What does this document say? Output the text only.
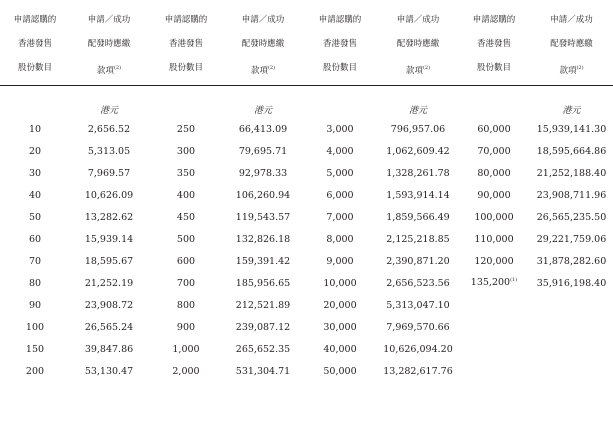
申請認購的
香港發售
股份數目	申請／成功
配發時應繳
款項$^{(2)}$	申請認購的
香港發售
股份數目	申請／成功
配發時應繳
款項$^{(2)}$	申請認購的
香港發售
股份數目	申請／成功
配發時應繳
款項$^{(2)}$	申請認購的
香港發售
股份數目	申請／成功
配發時應繳
款項$^{(2)}$

	港元		港元		港元		港元
10	2,656.52	250	66,413.09	3,000	796,957.06	60,000	15,939,141.30
20	5,313.05	300	79,695.71	4,000	1,062,609.42	70,000	18,595,664.86
30	7,969.57	350	92,978.33	5,000	1,328,261.78	80,000	21,252,188.40
40	10,626.09	400	106,260.94	6,000	1,593,914.14	90,000	23,908,711.96
50	13,282.62	450	119,543.57	7,000	1,859,566.49	100,000	26,565,235.50
60	15,939.14	500	132,826.18	8,000	2,125,218.85	110,000	29,221,759.06
70	18,595.67	600	159,391.42	9,000	2,390,871.20	120,000	31,878,282.60
80	21,252.19	700	185,956.65	10,000	2,656,523.56	135,200$^{(1)}$	35,916,198.40
90	23,908.72	800	212,521.89	20,000	5,313,047.10		
100	26,565.24	900	239,087.12	30,000	7,969,570.66		
150	39,847.86	1,000	265,652.35	40,000	10,626,094.20		
200	53,130.47	2,000	531,304.71	50,000	13,282,617.76		
